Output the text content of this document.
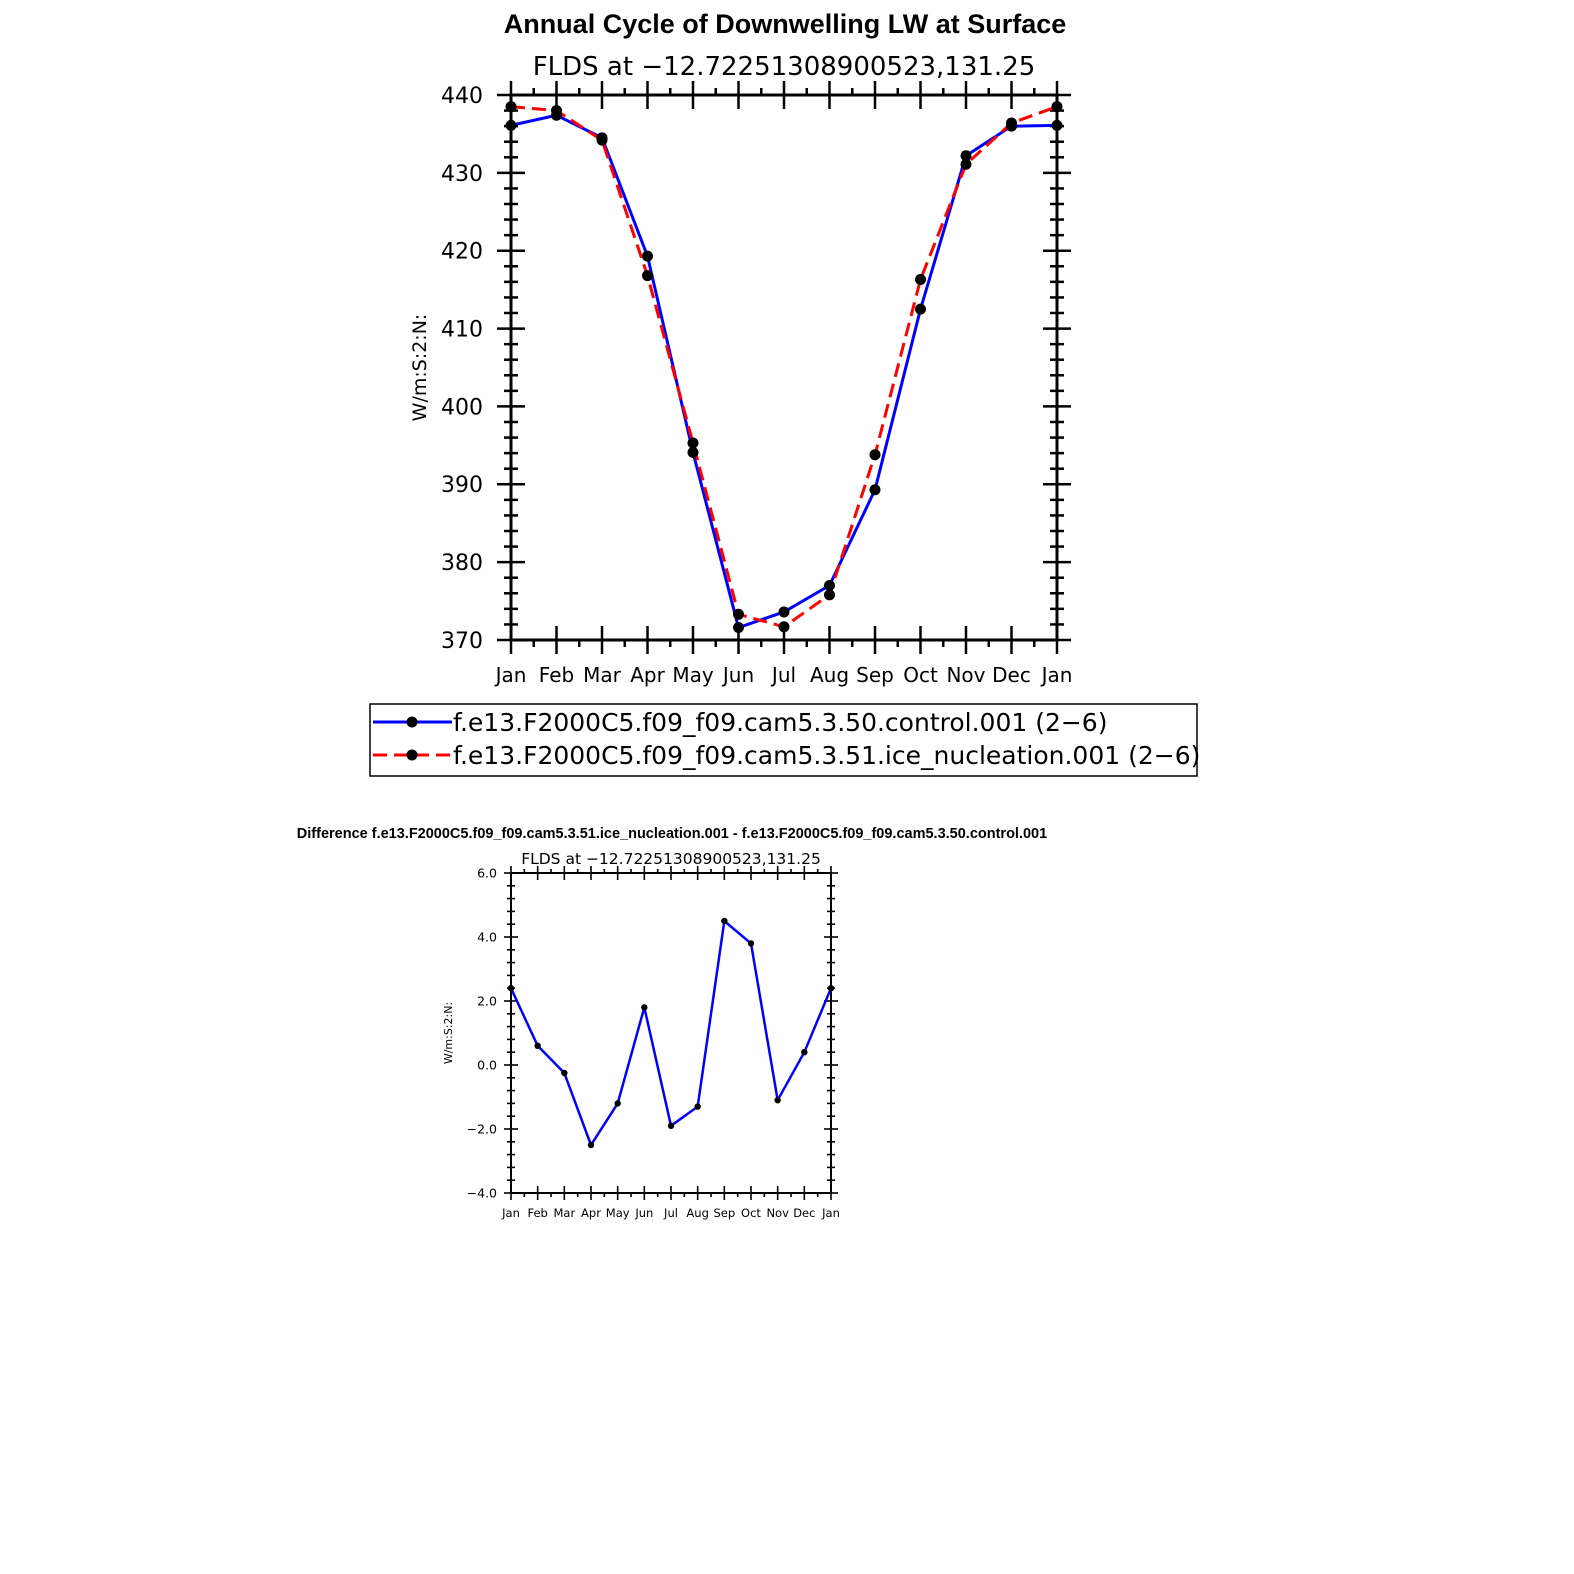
Annual Cycle of Downwelling LW at Surface
FLDS at −12.72251308900523,131.25
370
380
390
400
410
420
430
440
Jan Feb Mar Apr May Jun Jul Aug Sep Oct Nov Dec Jan
W/m:S:2:N:
f.e13.F2000C5.f09_f09.cam5.3.50.control.001 (2−6)
f.e13.F2000C5.f09_f09.cam5.3.51.ice_nucleation.001 (2−6)
Difference f.e13.F2000C5.f09_f09.cam5.3.51.ice_nucleation.001 - f.e13.F2000C5.f09_f09.cam5.3.50.control.001
FLDS at −12.72251308900523,131.25
−4.0
−2.0
0.0
2.0
4.0
6.0
Jan Feb Mar Apr May Jun Jul Aug Sep Oct Nov Dec Jan
W/m:S:2:N:
